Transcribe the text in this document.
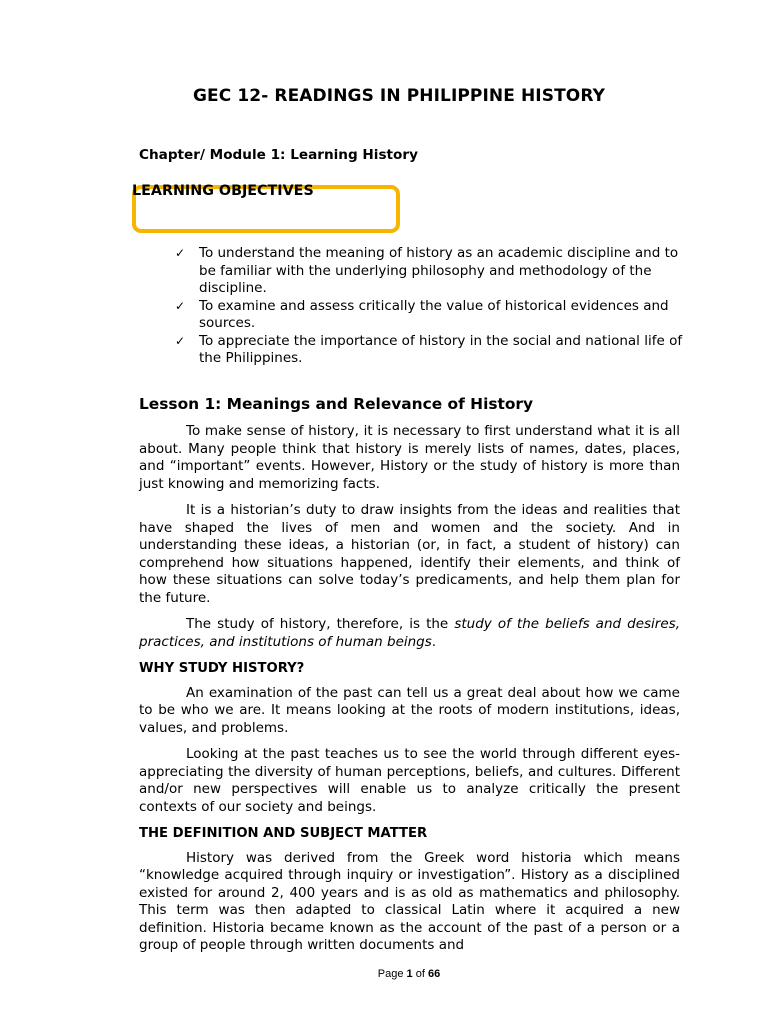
GEC 12- READINGS IN PHILIPPINE HISTORY
Chapter/ Module 1: Learning History
LEARNING OBJECTIVES
✓ To understand the meaning of history as an academic discipline and to be familiar with the underlying philosophy and methodology of the discipline.
✓ To examine and assess critically the value of historical evidences and sources.
✓ To appreciate the importance of history in the social and national life of the Philippines.
Lesson 1: Meanings and Relevance of History

To make sense of history, it is necessary to first understand what it is all about. Many people think that history is merely lists of names, dates, places, and “important” events. However, History or the study of history is more than just knowing and memorizing facts.

It is a historian’s duty to draw insights from the ideas and realities that have shaped the lives of men and women and the society. And in understanding these ideas, a historian (or, in fact, a student of history) can comprehend how situations happened, identify their elements, and think of how these situations can solve today’s predicaments, and help them plan for the future.

The study of history, therefore, is the study of the beliefs and desires, practices, and institutions of human beings.

WHY STUDY HISTORY?

An examination of the past can tell us a great deal about how we came to be who we are. It means looking at the roots of modern institutions, ideas, values, and problems.

Looking at the past teaches us to see the world through different eyes- appreciating the diversity of human perceptions, beliefs, and cultures. Different and/or new perspectives will enable us to analyze critically the present contexts of our society and beings.

THE DEFINITION AND SUBJECT MATTER

History was derived from the Greek word historia which means “knowledge acquired through inquiry or investigation”. History as a disciplined existed for around 2, 400 years and is as old as mathematics and philosophy. This term was then adapted to classical Latin where it acquired a new definition. Historia became known as the account of the past of a person or a group of people through written documents and

Page 1 of 66
